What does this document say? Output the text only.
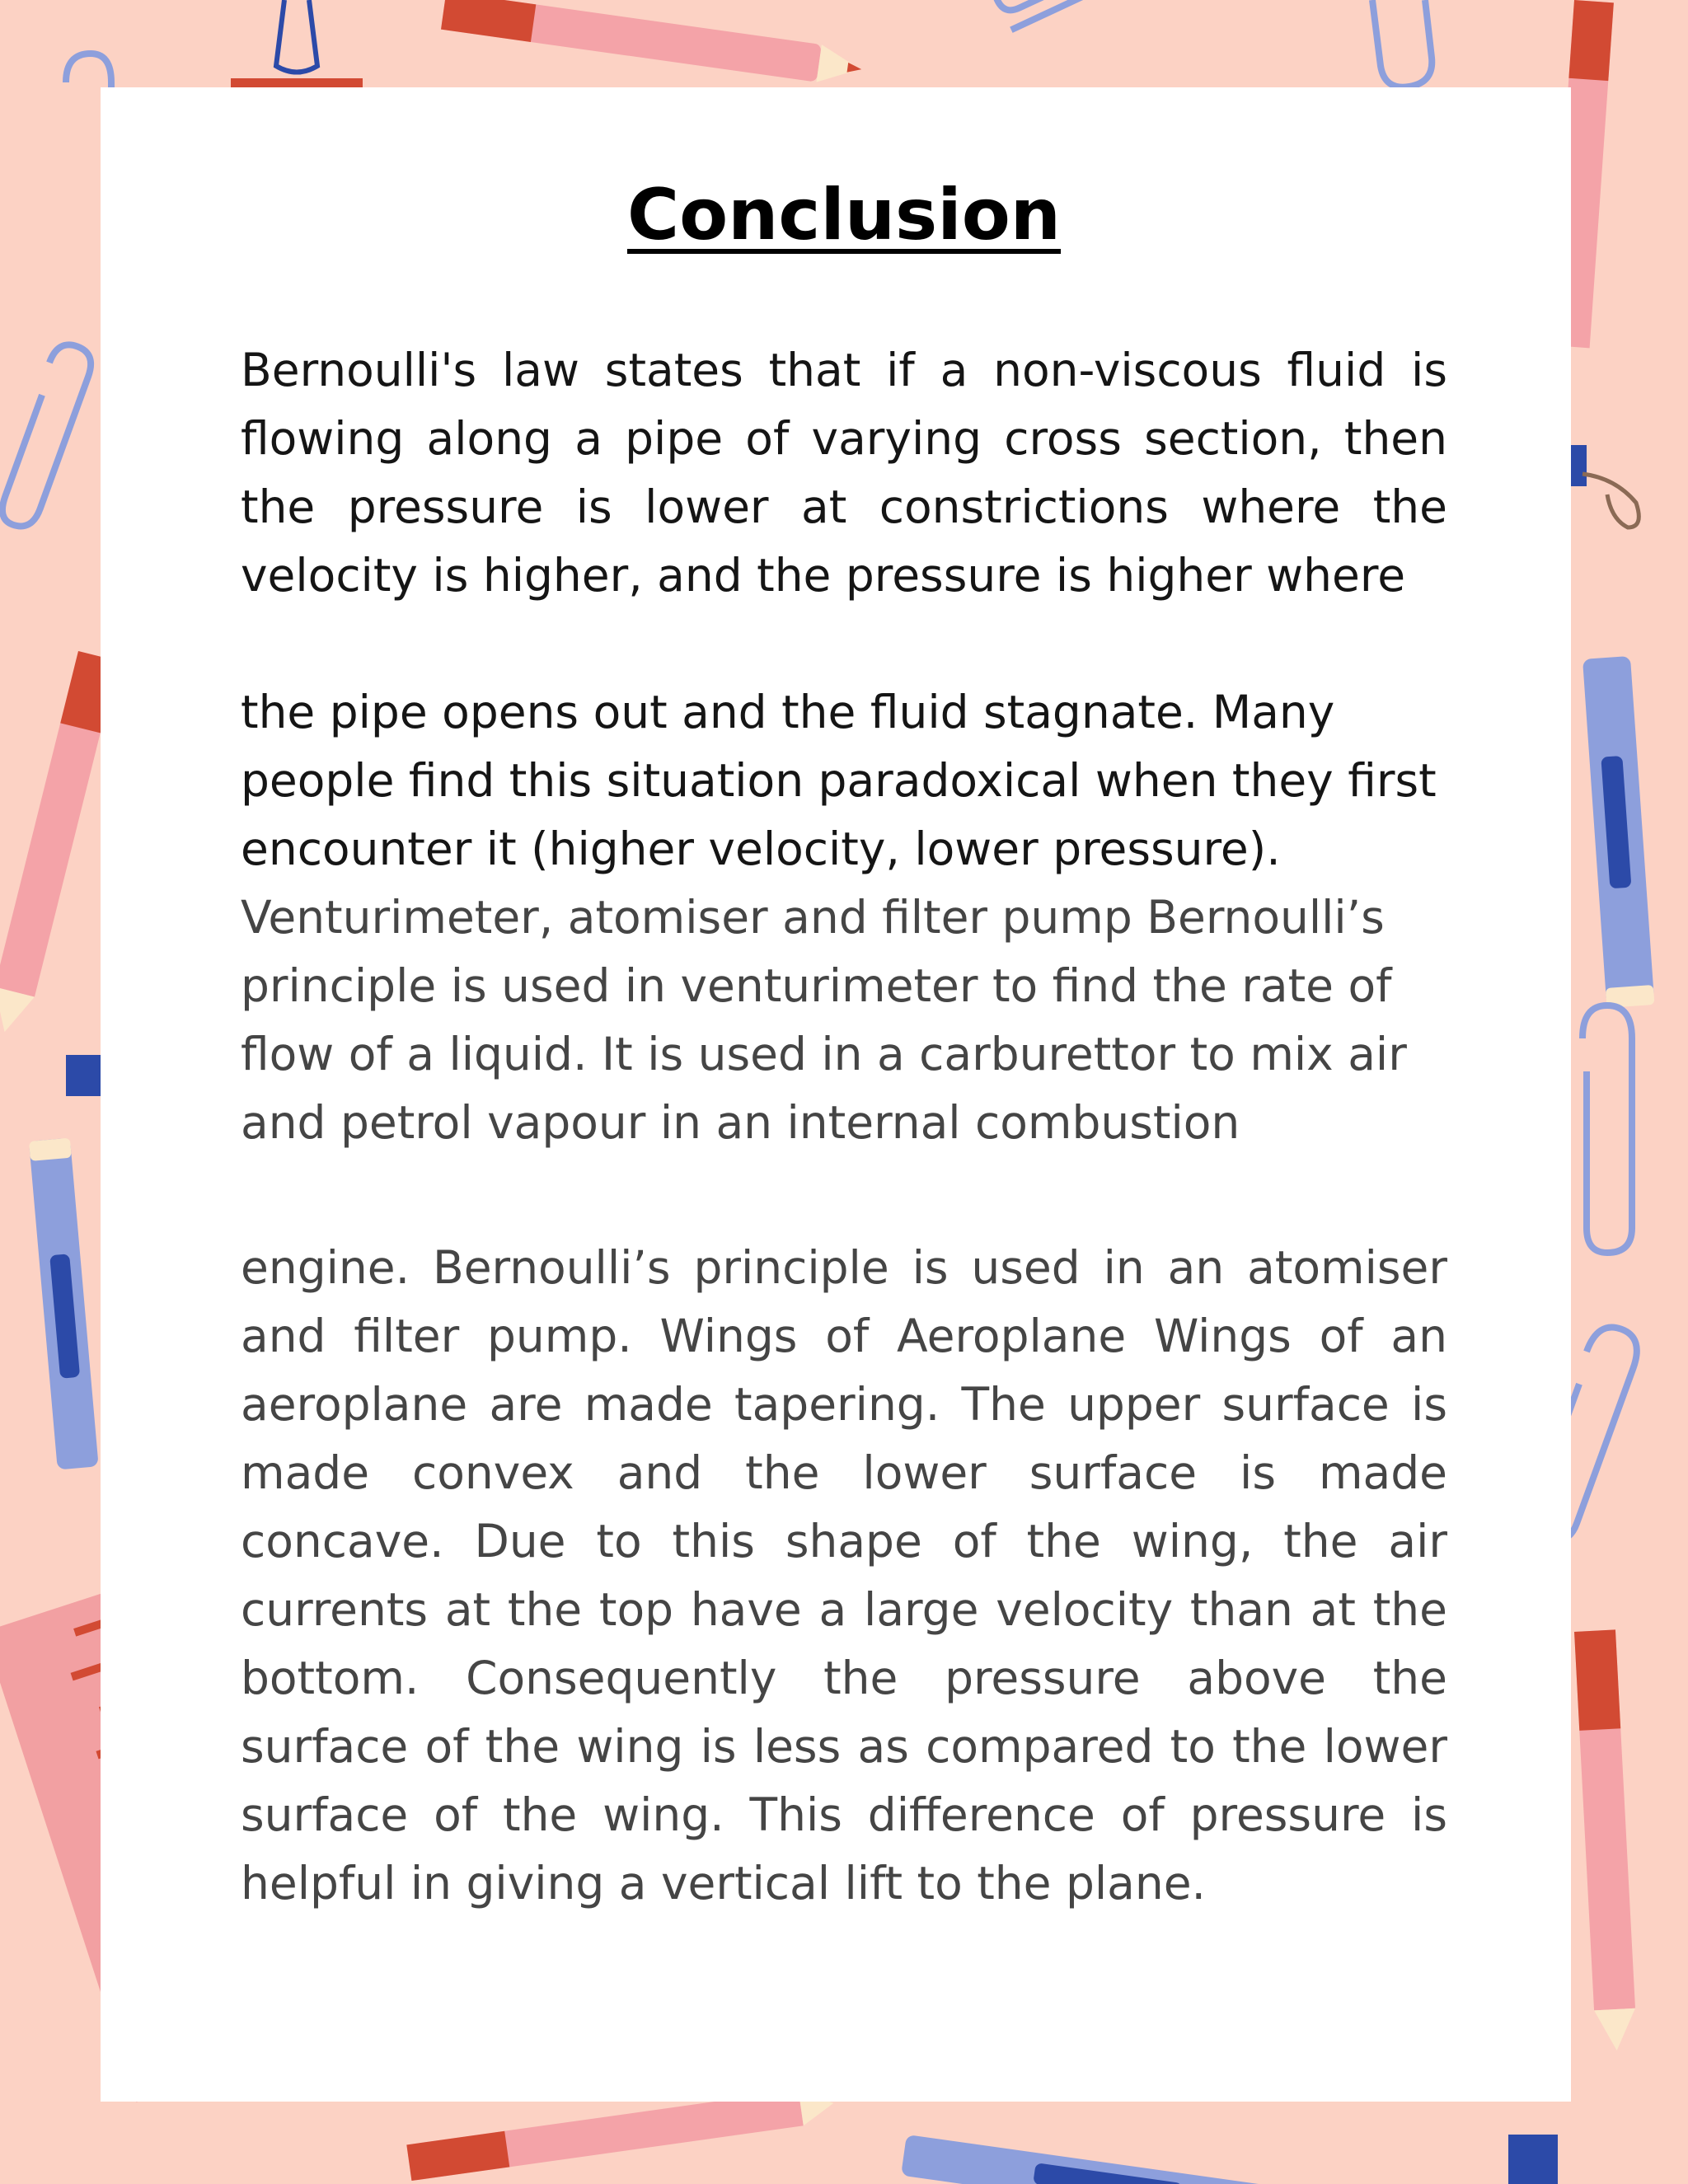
Conclusion

Bernoulli's law states that if a non-viscous fluid is flowing along a pipe of varying cross section, then the pressure is lower at constrictions where the velocity is higher, and the pressure is higher where

the pipe opens out and the fluid stagnate. Many people find this situation paradoxical when they first encounter it (higher velocity, lower pressure).

Venturimeter, atomiser and filter pump Bernoulli’s principle is used in venturimeter to find the rate of flow of a liquid. It is used in a carburettor to mix air and petrol vapour in an internal combustion

engine. Bernoulli’s principle is used in an atomiser and filter pump. Wings of Aeroplane Wings of an aeroplane are made tapering. The upper surface is made convex and the lower surface is made concave. Due to this shape of the wing, the air currents at the top have a large velocity than at the bottom. Consequently the pressure above the surface of the wing is less as compared to the lower surface of the wing. This difference of pressure is helpful in giving a vertical lift to the plane.
